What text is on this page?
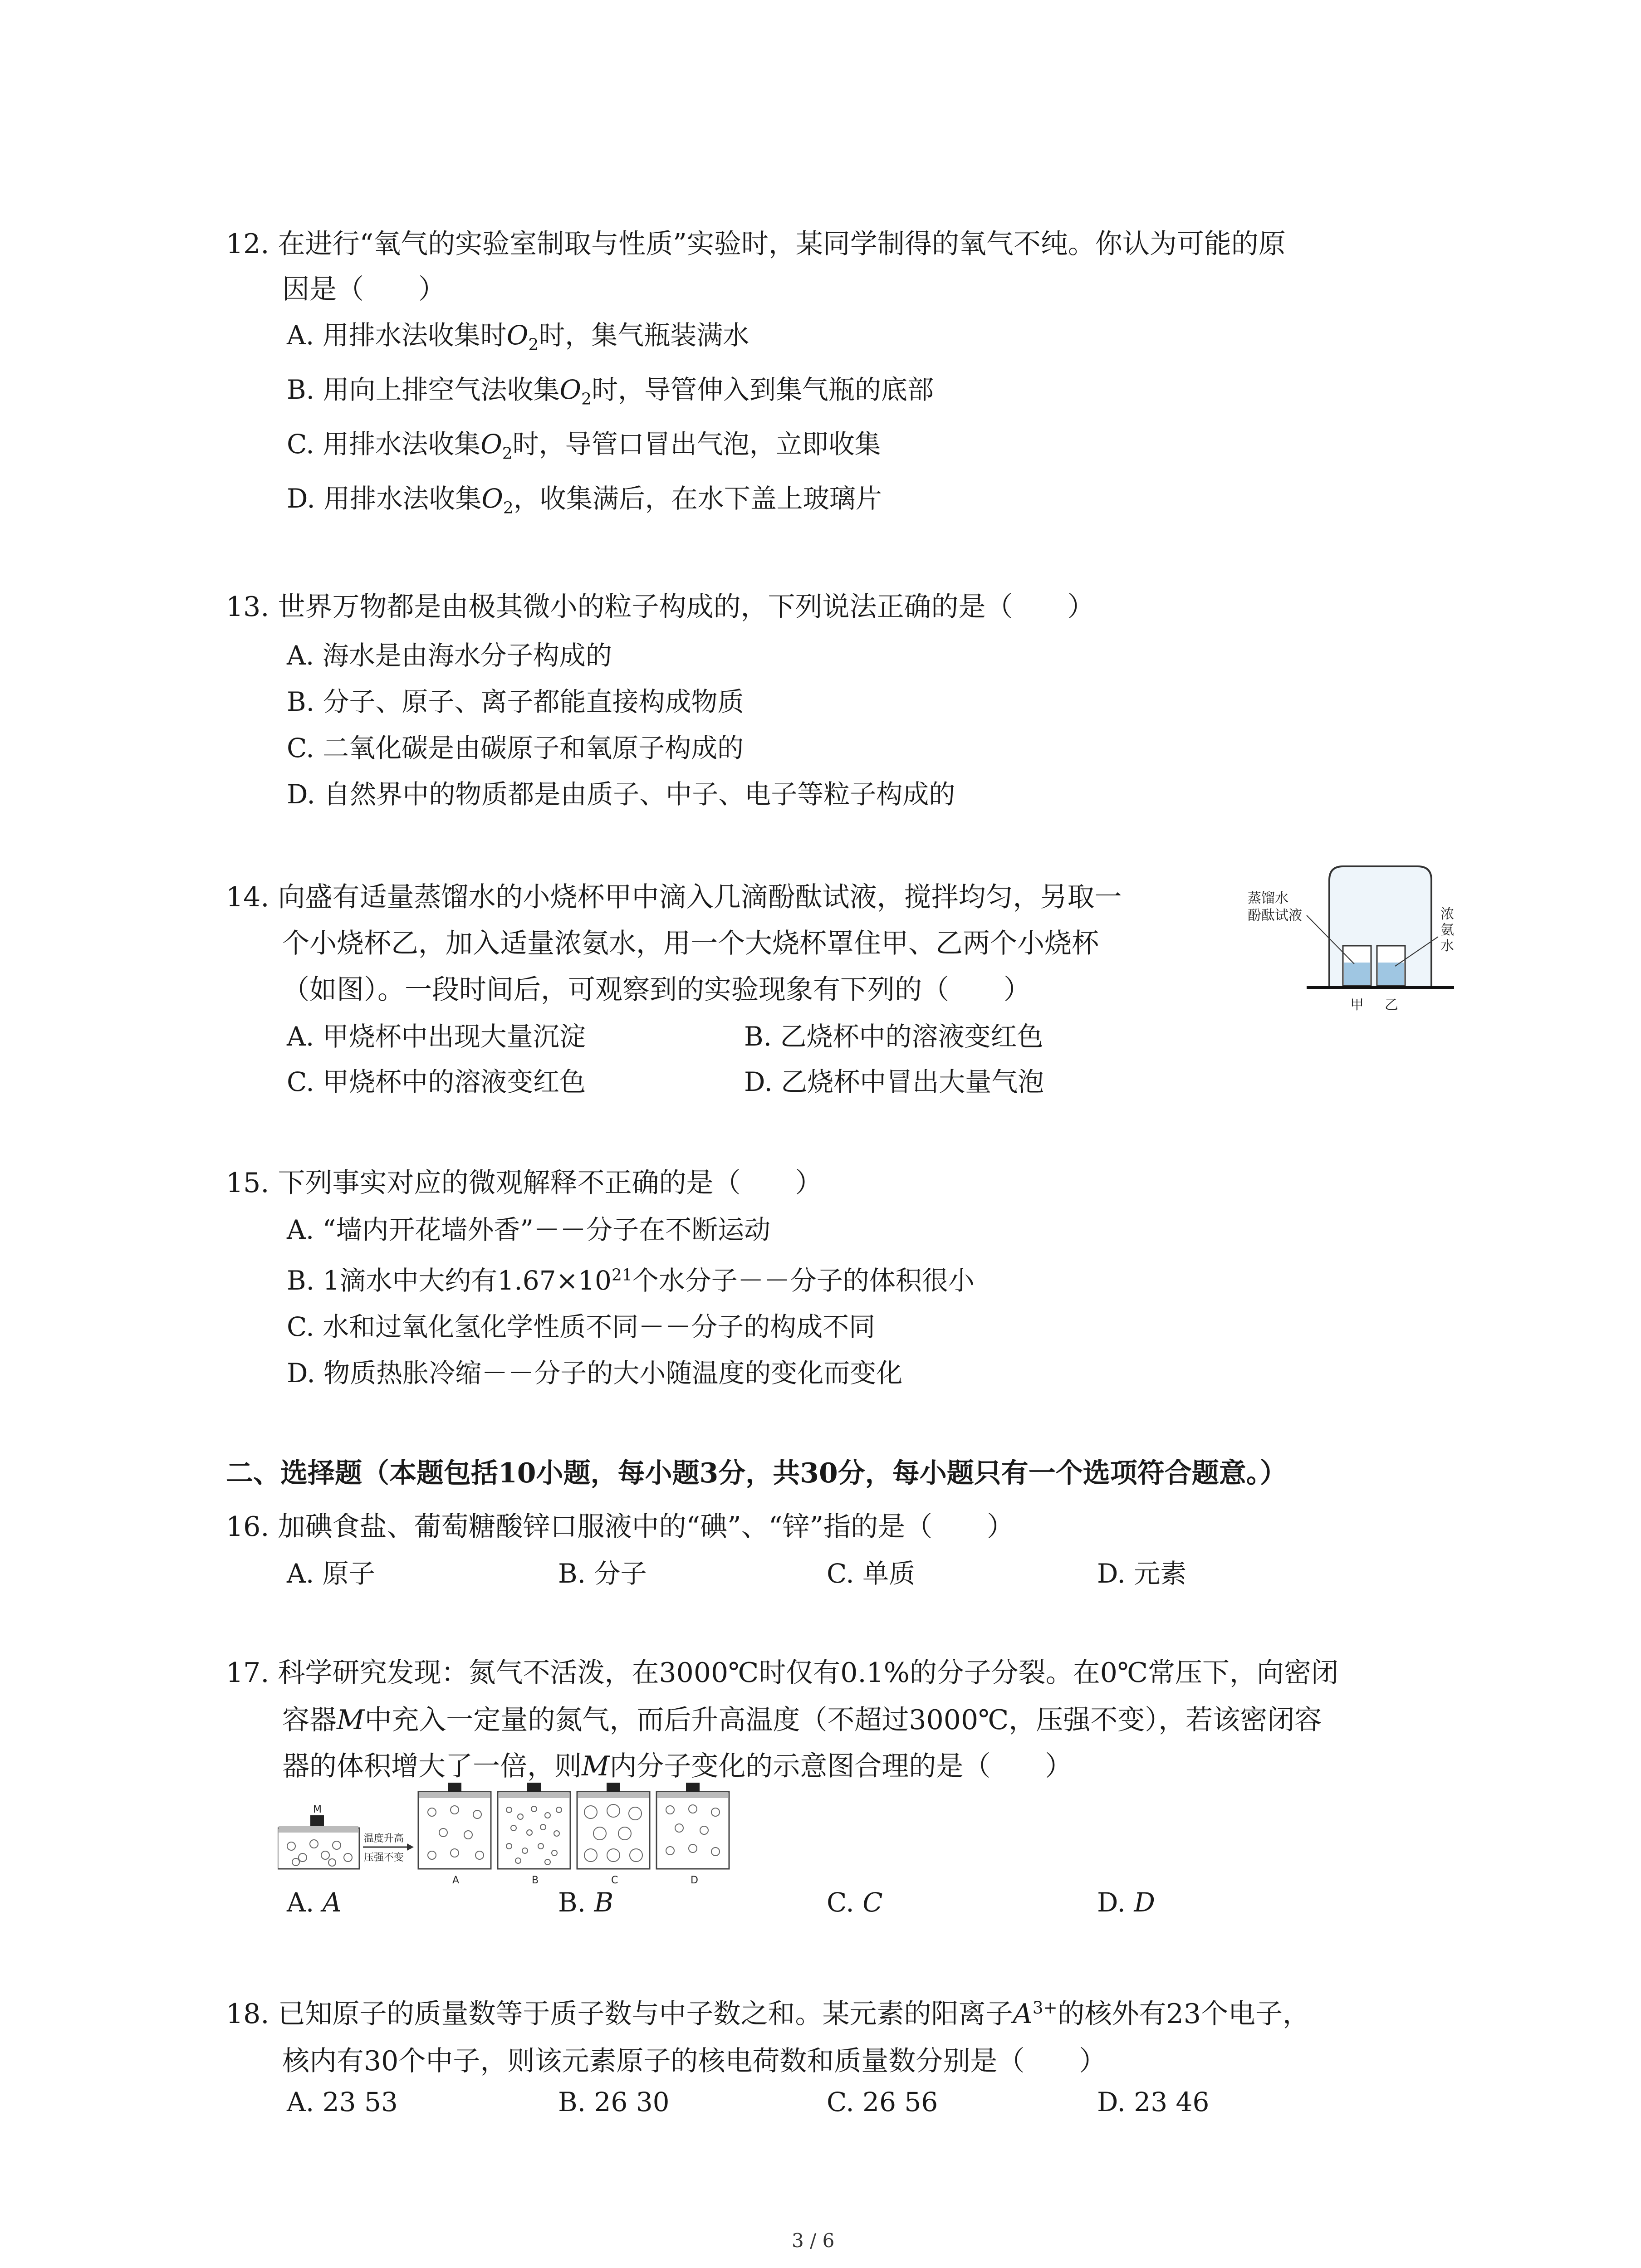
12. 在进行“氧气的实验室制取与性质”实验时，某同学制得的氧气不纯。你认为可能的原
因是（　　）
A. 用排水法收集时$O_2$时，集气瓶装满水
B. 用向上排空气法收集$O_2$时，导管伸入到集气瓶的底部
C. 用排水法收集$O_2$时，导管口冒出气泡，立即收集
D. 用排水法收集$O_2$，收集满后，在水下盖上玻璃片
13. 世界万物都是由极其微小的粒子构成的，下列说法正确的是（　　）
A. 海水是由海水分子构成的
B. 分子、原子、离子都能直接构成物质
C. 二氧化碳是由碳原子和氧原子构成的
D. 自然界中的物质都是由质子、中子、电子等粒子构成的
14. 向盛有适量蒸馏水的小烧杯甲中滴入几滴酚酞试液，搅拌均匀，另取一
个小烧杯乙，加入适量浓氨水，用一个大烧杯罩住甲、乙两个小烧杯
（如图）。一段时间后，可观察到的实验现象有下列的（　　）
A. 甲烧杯中出现大量沉淀	B. 乙烧杯中的溶液变红色
C. 甲烧杯中的溶液变红色	D. 乙烧杯中冒出大量气泡
蒸馏水
酚酞试液	浓
氨
水
甲 乙
15. 下列事实对应的微观解释不正确的是（　　）
A. “墙内开花墙外香”－－分子在不断运动
B. 1滴水中大约有$1.67\times 10^{21}$个水分子－－分子的体积很小
C. 水和过氧化氢化学性质不同－－分子的构成不同
D. 物质热胀冷缩－－分子的大小随温度的变化而变化
二、选择题（本题包括10小题，每小题3分，共30分，每小题只有一个选项符合题意。）
16. 加碘食盐、葡萄糖酸锌口服液中的“碘”、“锌”指的是（　　）
A. 原子	B. 分子	C. 单质	D. 元素
17. 科学研究发现：氮气不活泼，在3000℃时仅有0.1%的分子分裂。在0℃常压下，向密闭
容器M中充入一定量的氮气，而后升高温度（不超过3000℃，压强不变），若该密闭容
器的体积增大了一倍，则M内分子变化的示意图合理的是（　　）
M
温度升高
压强不变
A	B	C	D
A. A	B. B	C. C	D. D
18. 已知原子的质量数等于质子数与中子数之和。某元素的阳离子$A^{3+}$的核外有23个电子，
核内有30个中子，则该元素原子的核电荷数和质量数分别是（　　）
A. 23 53	B. 26 30	C. 26 56	D. 23 46
3 / 6
